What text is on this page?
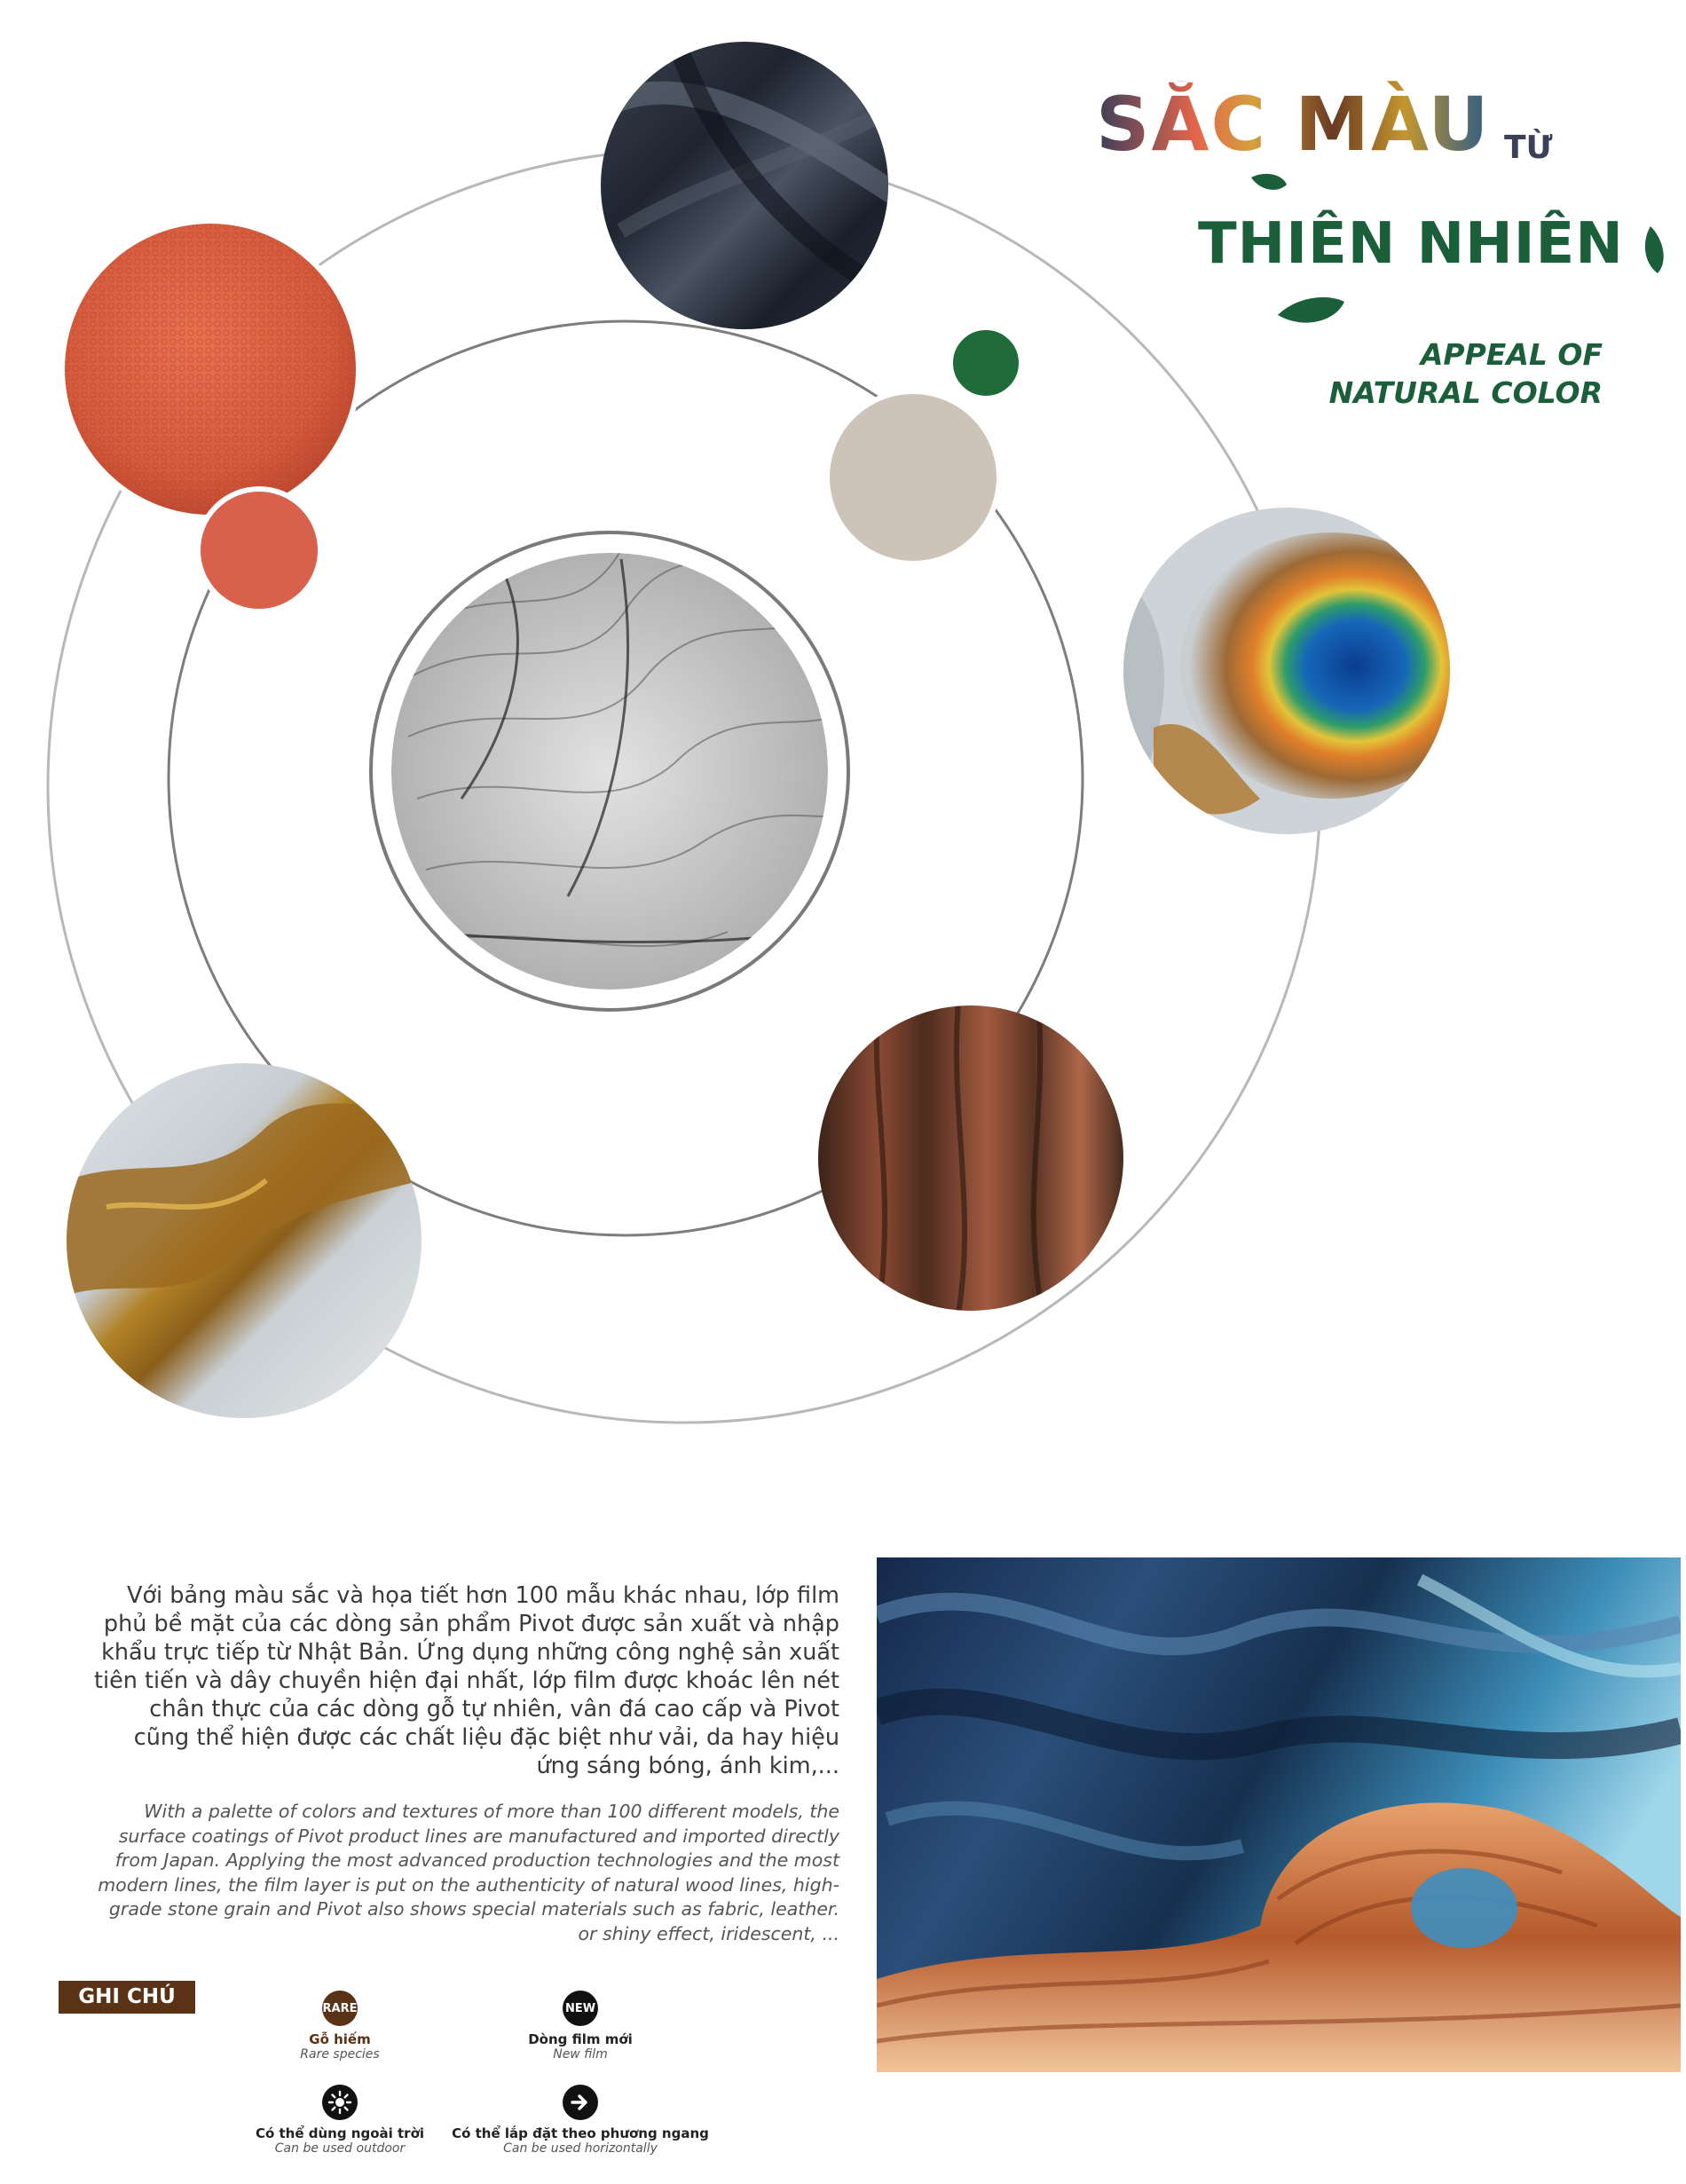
SẮC MÀU TỪ
THIÊN NHIÊN
APPEAL OF
NATURAL COLOR
Với bảng màu sắc và họa tiết hơn 100 mẫu khác nhau, lớp film phủ bề mặt của các dòng sản phẩm Pivot được sản xuất và nhập khẩu trực tiếp từ Nhật Bản. Ứng dụng những công nghệ sản xuất tiên tiến và dây chuyền hiện đại nhất, lớp film được khoác lên nét chân thực của các dòng gỗ tự nhiên, vân đá cao cấp và Pivot cũng thể hiện được các chất liệu đặc biệt như vải, da hay hiệu ứng sáng bóng, ánh kim,...
With a palette of colors and textures of more than 100 different models, the surface coatings of Pivot product lines are manufactured and imported directly from Japan. Applying the most advanced production technologies and the most modern lines, the film layer is put on the authenticity of natural wood lines, high-grade stone grain and Pivot also shows special materials such as fabric, leather. or shiny effect, iridescent, ...
GHI CHÚ	RARE
Gỗ hiếm
Rare species
NEW
Dòng film mới
New film
Có thể dùng ngoài trời
Can be used outdoor
Có thể lắp đặt theo phương ngang
Can be used horizontally
